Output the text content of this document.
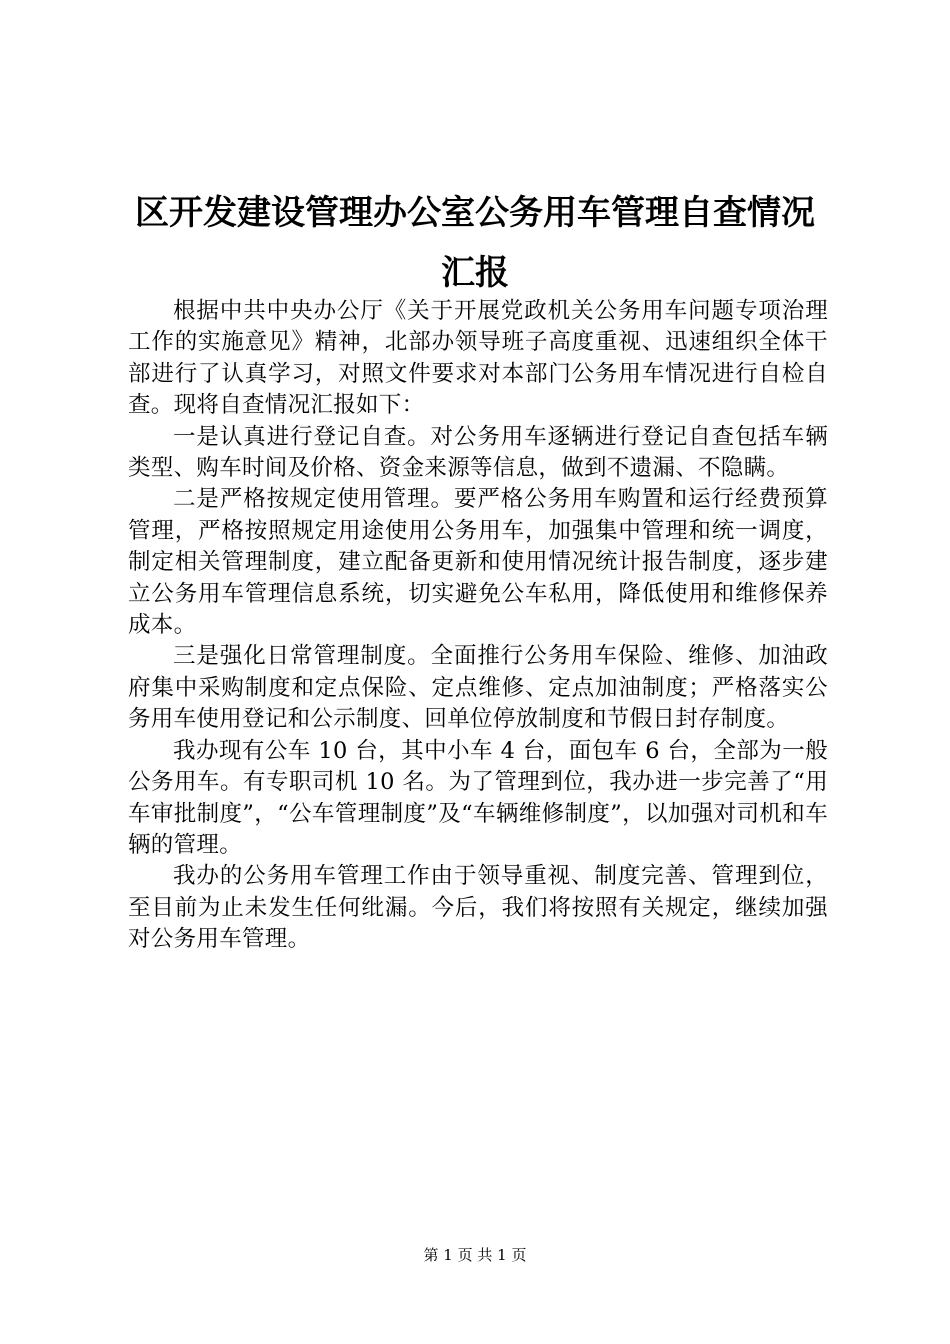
区开发建设管理办公室公务用车管理自查情况
汇报

根据中共中央办公厅《关于开展党政机关公务用车问题专项治理工作的实施意见》精神，北部办领导班子高度重视、迅速组织全体干部进行了认真学习，对照文件要求对本部门公务用车情况进行自检自查。现将自查情况汇报如下：

一是认真进行登记自查。对公务用车逐辆进行登记自查包括车辆类型、购车时间及价格、资金来源等信息，做到不遗漏、不隐瞒。

二是严格按规定使用管理。要严格公务用车购置和运行经费预算管理，严格按照规定用途使用公务用车，加强集中管理和统一调度，制定相关管理制度，建立配备更新和使用情况统计报告制度，逐步建立公务用车管理信息系统，切实避免公车私用，降低使用和维修保养成本。

三是强化日常管理制度。全面推行公务用车保险、维修、加油政府集中采购制度和定点保险、定点维修、定点加油制度；严格落实公务用车使用登记和公示制度、回单位停放制度和节假日封存制度。

我办现有公车 10 台，其中小车 4 台，面包车 6 台，全部为一般公务用车。有专职司机 10 名。为了管理到位，我办进一步完善了“用车审批制度”，“公车管理制度”及“车辆维修制度”，以加强对司机和车辆的管理。

我办的公务用车管理工作由于领导重视、制度完善、管理到位，至目前为止未发生任何纰漏。今后，我们将按照有关规定，继续加强对公务用车管理。

第 1 页 共 1 页
